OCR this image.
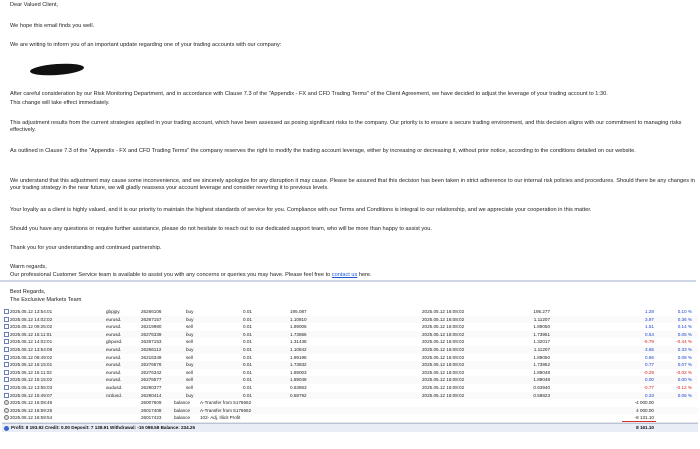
Dear Valued Client,

We hope this email finds you well.

We are writing to inform you of an important update regarding one of your trading accounts with our company:

After careful consideration by our Risk Monitoring Department, and in accordance with Clause 7.3 of the "Appendix - FX and CFD Trading Terms" of the Client Agreement, we have decided to adjust the leverage of your trading account to 1:30.

This change will take effect immediately.

This adjustment results from the current strategies applied in your trading account, which have been assessed as posing significant risks to the company. Our priority is to ensure a secure trading environment, and this decision aligns with our commitment to managing risks effectively.

As outlined in Clause 7.3 of the "Appendix - FX and CFD Trading Terms" the company reserves the right to modify the trading account leverage, either by increasing or decreasing it, without prior notice, according to the conditions detailed on our website.

We understand that this adjustment may cause some inconvenience, and we sincerely apologize for any disruption it may cause. Please be assured that this decision has been taken in strict adherence to our internal risk policies and procedures. Should there be any changes in your trading strategy in the near future, we will gladly reassess your account leverage and consider reverting it to previous levels.

Your loyalty as a client is highly valued, and it is our priority to maintain the highest standards of service for you. Compliance with our Terms and Conditions is integral to our relationship, and we appreciate your cooperation in this matter.

Should you have any questions or require further assistance, please do not hesitate to reach out to our dedicated support team, who will be more than happy to assist you.

Thank you for your understanding and continued partnership.

Warm regards,

Our professional Customer Service team is available to assist you with any concerns or queries you may have. Please feel free to contact us here.

Best Regards,

The Exclusive Markets Team

2025.05.12 13:54:01	gbpjpy.	26266106	buy	0.01	195.087	2025.05.12 16:08:02	195.277	1.28	0.10 %
2025.05.12 14:02:02	eurusd.	26267157	buy	0.01	1.10810	2025.05.12 16:08:02	1.11207	3.97	0.36 %
2025.05.12 09:25:02	eurusd.	26219980	sell	0.01	1.89006	2025.05.12 16:08:02	1.89050	1.51	0.14 %
2025.05.12 15:11:01	eurusd.	26276339	buy	0.01	1.73866	2025.05.12 16:08:02	1.73951	0.54	0.05 %
2025.05.12 14:02:01	gbpusd.	26267153	sell	0.01	1.31438	2025.05.12 16:08:02	1.32017	-5.79	-0.44 %
2025.05.12 13:54:08	eurusd.	26266113	buy	0.01	1.10842	2025.05.12 16:08:02	1.11207	3.65	0.33 %
2025.05.12 08:49:02	eurusd.	26216349	sell	0.01	1.89196	2025.05.12 16:08:02	1.89050	0.86	0.08 %
2025.05.12 15:15:01	eurusd.	26276576	buy	0.01	1.73832	2025.05.12 16:08:02	1.73952	0.77	0.07 %
2025.05.12 15:11:02	eurusd.	26276342	sell	0.01	1.89003	2025.05.12 16:08:02	1.89048	-0.29	-0.02 %
2025.05.12 15:15:02	eurusd.	26276577	sell	0.01	1.89048	2025.05.12 16:08:02	1.89048	0.00	0.00 %
2025.05.12 13:55:03	audusd.	26280377	sell	0.01	0.63863	2025.05.12 16:08:02	0.63940	-0.77	-0.12 %
2025.05.12 15:49:07	nzdusd.	26280414	buy	0.01	0.58792	2025.05.12 16:08:02	0.58823	0.33	0.06 %
2025.05.12 16:08:46	26007609	balance A-Transfer from 5176662	-4 000.00
2025.05.12 16:59:25	26017408	balance A-Transfer from 5176662	4 000.00
2025.05.12 16:59:54	26017423	balance 102- Adj. Illicit Profit	-8 131.10
Profit: 8 193.92 Credit: 0.00 Deposit: 7 138.91 Withdrawal: -15 098.58 Balance: 234.25	8 161.10
